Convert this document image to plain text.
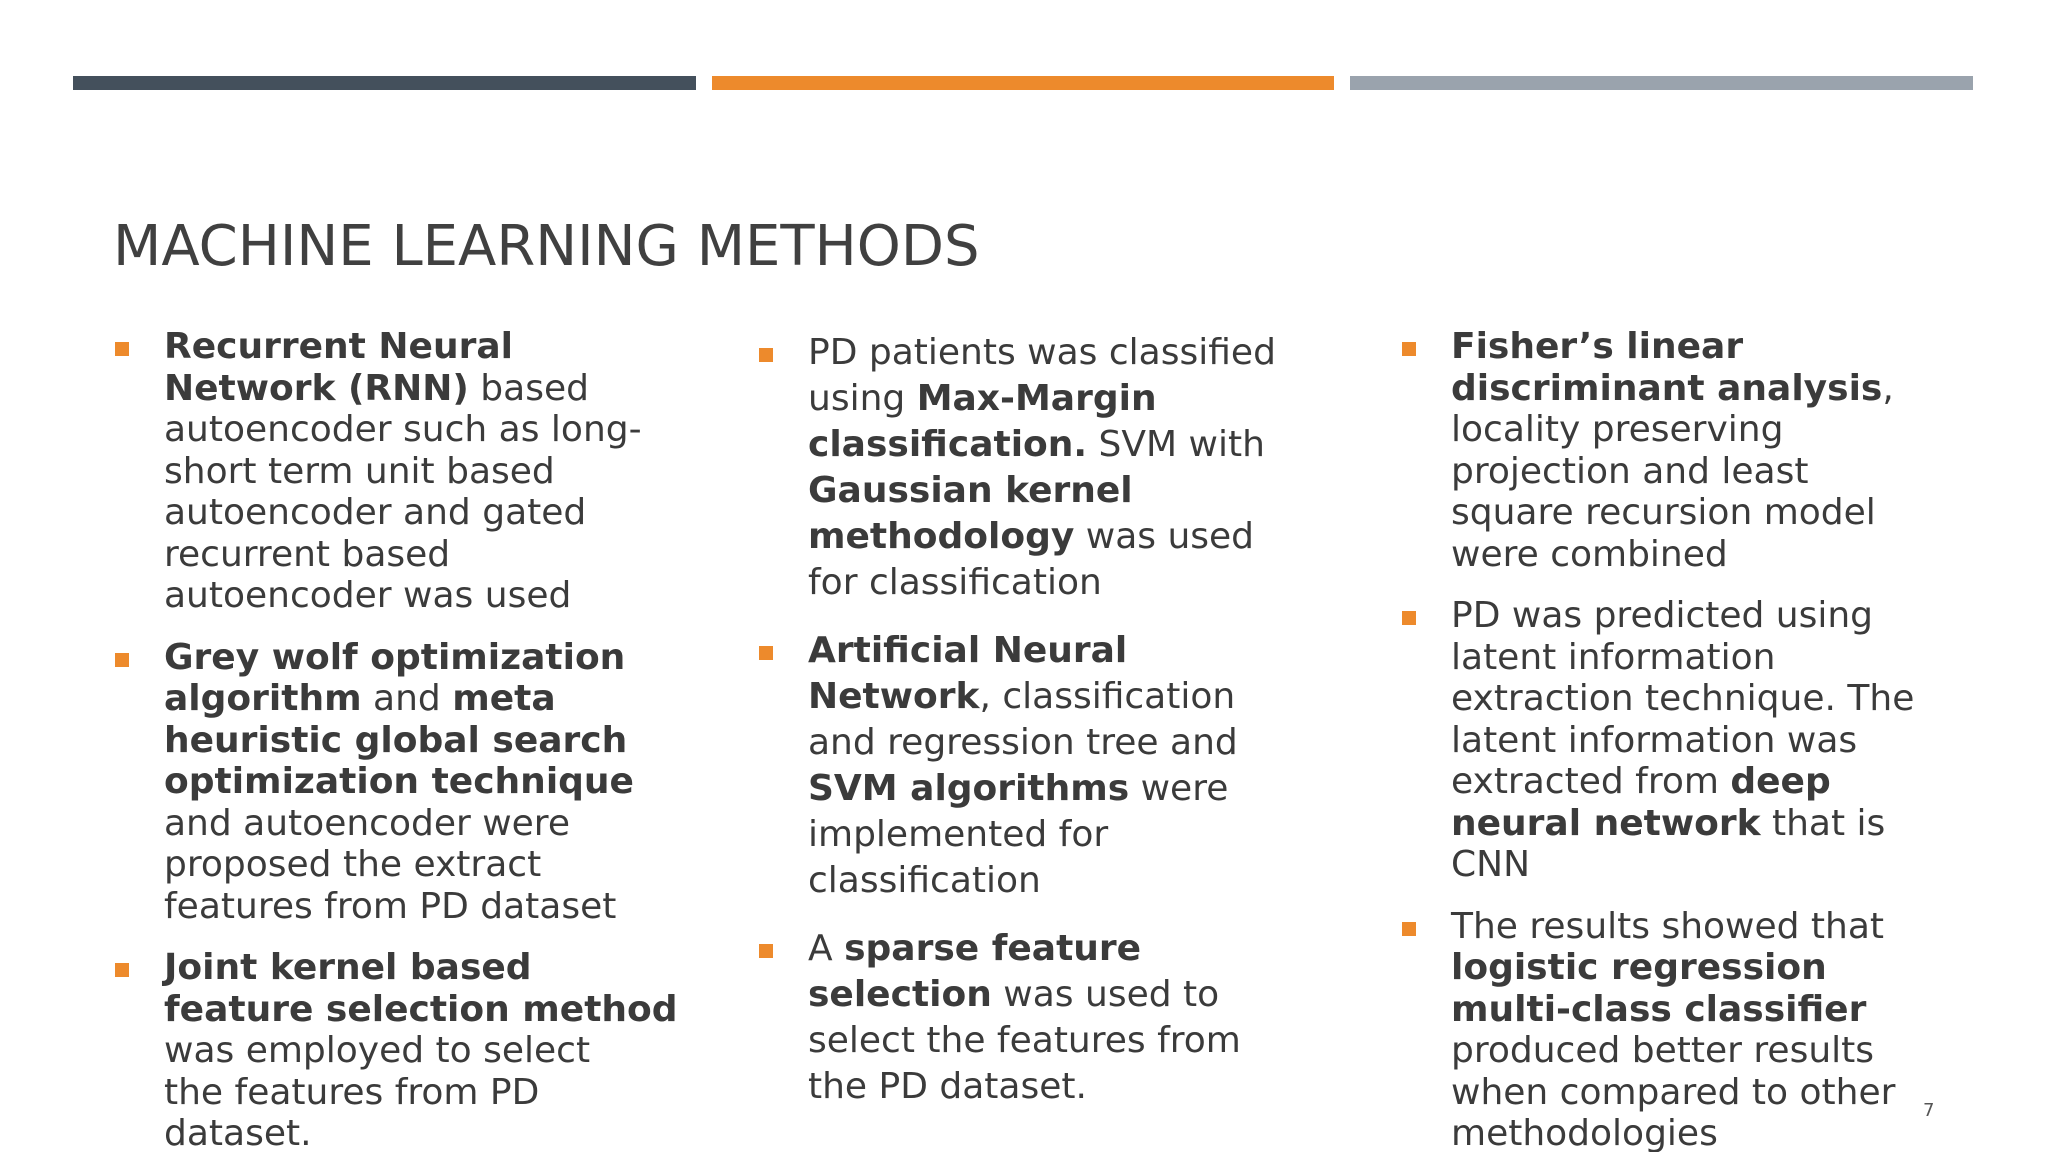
MACHINE LEARNING METHODS
Recurrent Neural
Network (RNN) based
autoencoder such as long-
short term unit based
autoencoder and gated
recurrent based
autoencoder was used
Grey wolf optimization
algorithm and meta
heuristic global search
optimization technique
and autoencoder were
proposed the extract
features from PD dataset
Joint kernel based
feature selection method
was employed to select
the features from PD
dataset.
PD patients was classified
using Max-Margin
classification. SVM with
Gaussian kernel
methodology was used
for classification
Artificial Neural
Network, classification
and regression tree and
SVM algorithms were
implemented for
classification
A sparse feature
selection was used to
select the features from
the PD dataset.
Fisher’s linear
discriminant analysis,
locality preserving
projection and least
square recursion model
were combined
PD was predicted using
latent information
extraction technique. The
latent information was
extracted from deep
neural network that is
CNN
The results showed that
logistic regression
multi-class classifier
produced better results
when compared to other
methodologies
7
